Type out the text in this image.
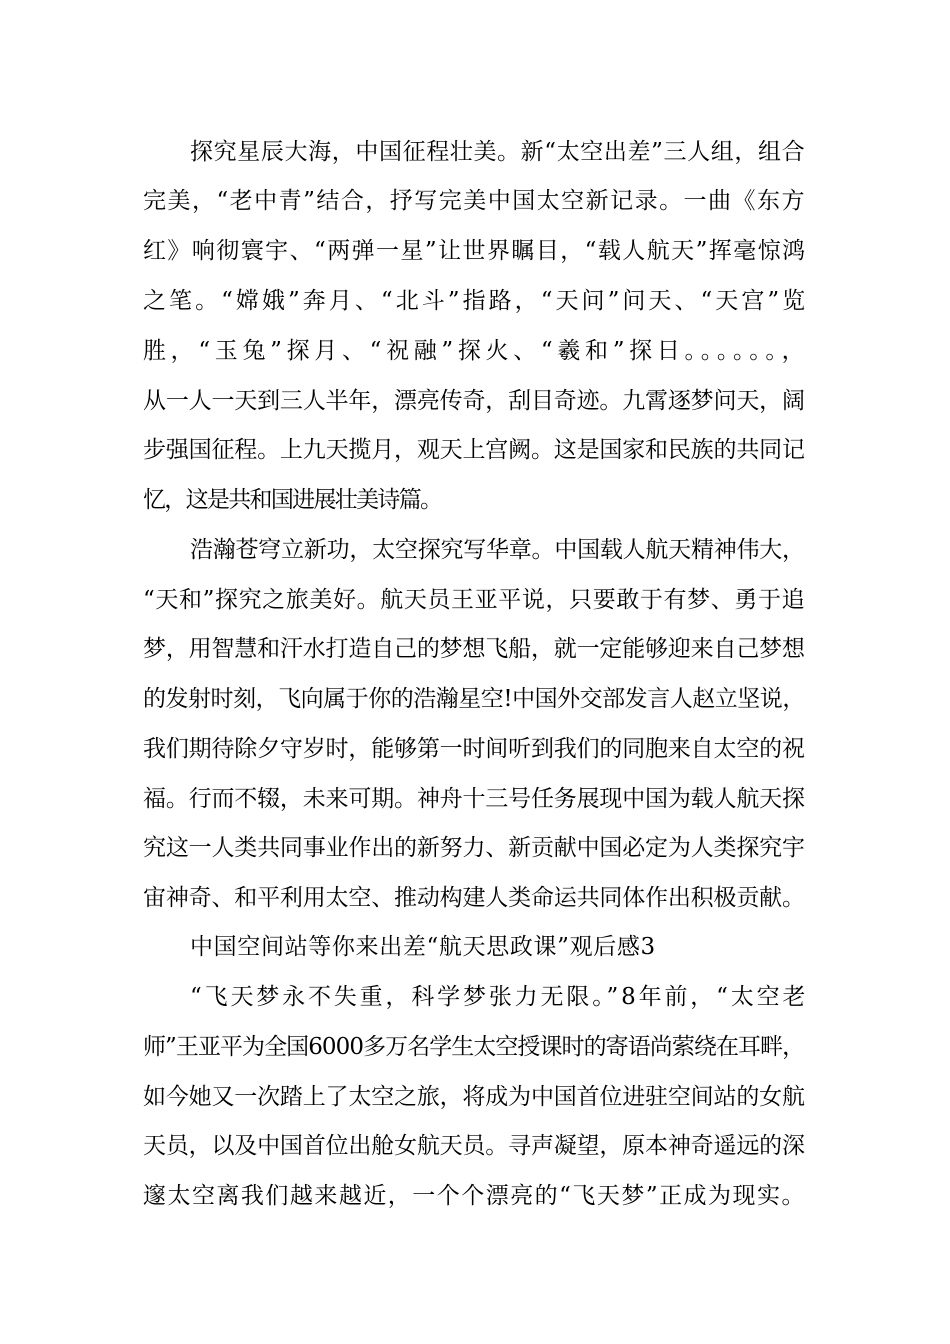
探究星辰大海，中国征程壮美。新“太空出差”三人组，组合
完美，“老中青”结合，抒写完美中国太空新记录。一曲《东方
红》响彻寰宇、“两弹一星”让世界瞩目，“载人航天”挥毫惊鸿
之笔。“嫦娥”奔月、“北斗”指路，“天问”问天、“天宫”览
胜，“玉兔”探月、“祝融”探火、“羲和”探日。。。。。。，
从一人一天到三人半年，漂亮传奇，刮目奇迹。九霄逐梦问天，阔
步强国征程。上九天揽月，观天上宫阙。这是国家和民族的共同记
忆，这是共和国进展壮美诗篇。
浩瀚苍穹立新功，太空探究写华章。中国载人航天精神伟大，
“天和”探究之旅美好。航天员王亚平说，只要敢于有梦、勇于追
梦，用智慧和汗水打造自己的梦想飞船，就一定能够迎来自己梦想
的发射时刻，飞向属于你的浩瀚星空!中国外交部发言人赵立坚说，
我们期待除夕守岁时，能够第一时间听到我们的同胞来自太空的祝
福。行而不辍，未来可期。神舟十三号任务展现中国为载人航天探
究这一人类共同事业作出的新努力、新贡献中国必定为人类探究宇
宙神奇、和平利用太空、推动构建人类命运共同体作出积极贡献。
中国空间站等你来出差“航天思政课”观后感3
“飞天梦永不失重，科学梦张力无限。”8年前，“太空老
师”王亚平为全国6000多万名学生太空授课时的寄语尚萦绕在耳畔，
如今她又一次踏上了太空之旅，将成为中国首位进驻空间站的女航
天员，以及中国首位出舱女航天员。寻声凝望，原本神奇遥远的深
邃太空离我们越来越近，一个个漂亮的“飞天梦”正成为现实。
